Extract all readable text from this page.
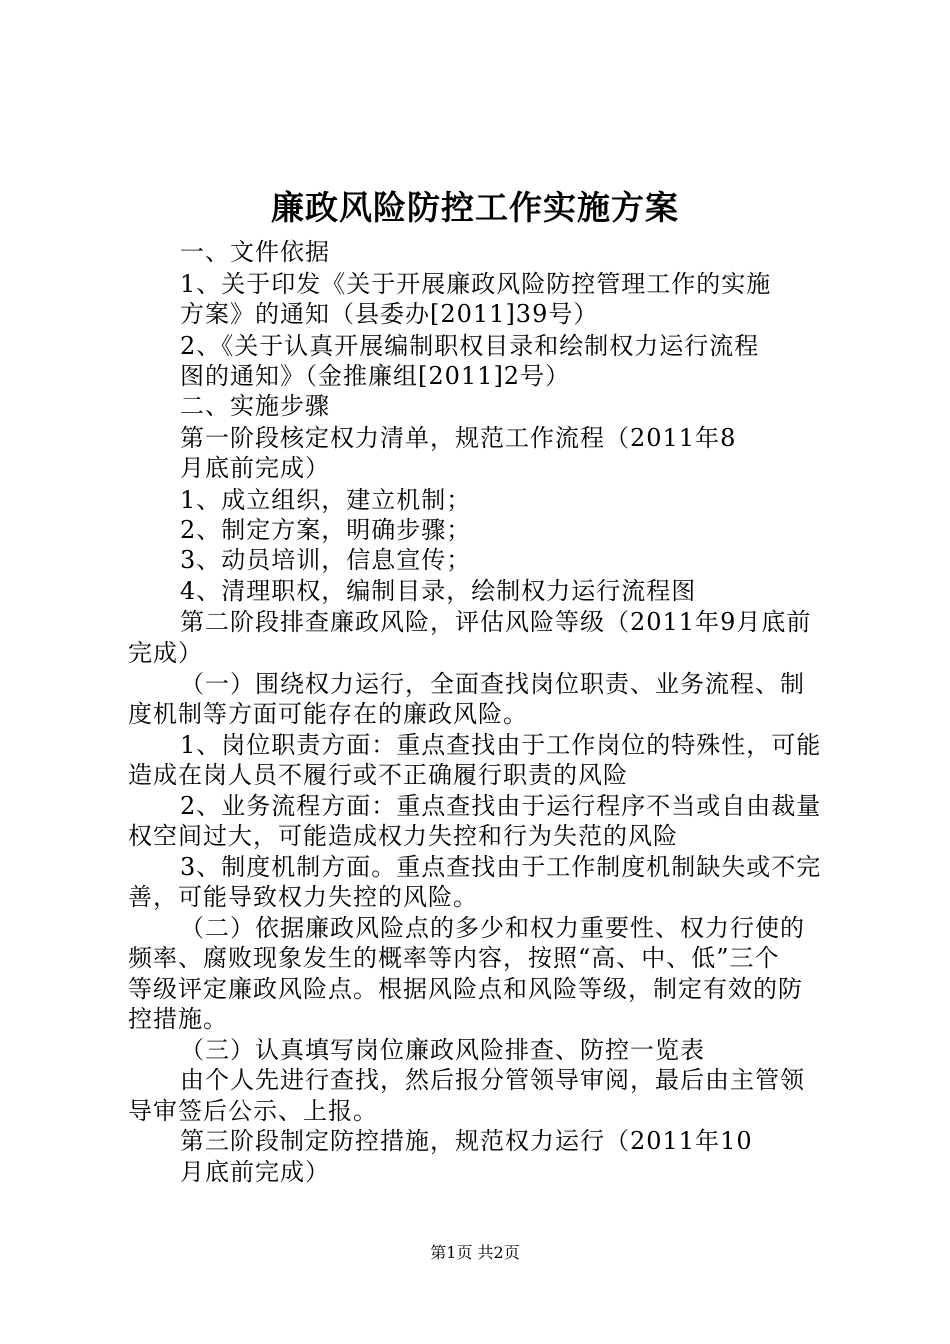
廉政风险防控工作实施方案
一、文件依据
1、关于印发《关于开展廉政风险防控管理工作的实施
方案》的通知（县委办[2011]39号）
2、《关于认真开展编制职权目录和绘制权力运行流程
图的通知》（金推廉组[2011]2号）
二、实施步骤
第一阶段核定权力清单，规范工作流程（2011年8
月底前完成）
1、成立组织，建立机制；
2、制定方案，明确步骤；
3、动员培训，信息宣传；
4、清理职权，编制目录，绘制权力运行流程图
第二阶段排查廉政风险，评估风险等级（2011年9月底前
完成）
（一）围绕权力运行，全面查找岗位职责、业务流程、制
度机制等方面可能存在的廉政风险。
1、岗位职责方面：重点查找由于工作岗位的特殊性，可能
造成在岗人员不履行或不正确履行职责的风险
2、业务流程方面：重点查找由于运行程序不当或自由裁量
权空间过大，可能造成权力失控和行为失范的风险
3、制度机制方面。重点查找由于工作制度机制缺失或不完
善，可能导致权力失控的风险。
（二）依据廉政风险点的多少和权力重要性、权力行使的
频率、腐败现象发生的概率等内容，按照“高、中、低”三个
等级评定廉政风险点。根据风险点和风险等级，制定有效的防
控措施。
（三）认真填写岗位廉政风险排查、防控一览表
由个人先进行查找，然后报分管领导审阅，最后由主管领
导审签后公示、上报。
第三阶段制定防控措施，规范权力运行（2011年10
月底前完成）
第1页 共2页
